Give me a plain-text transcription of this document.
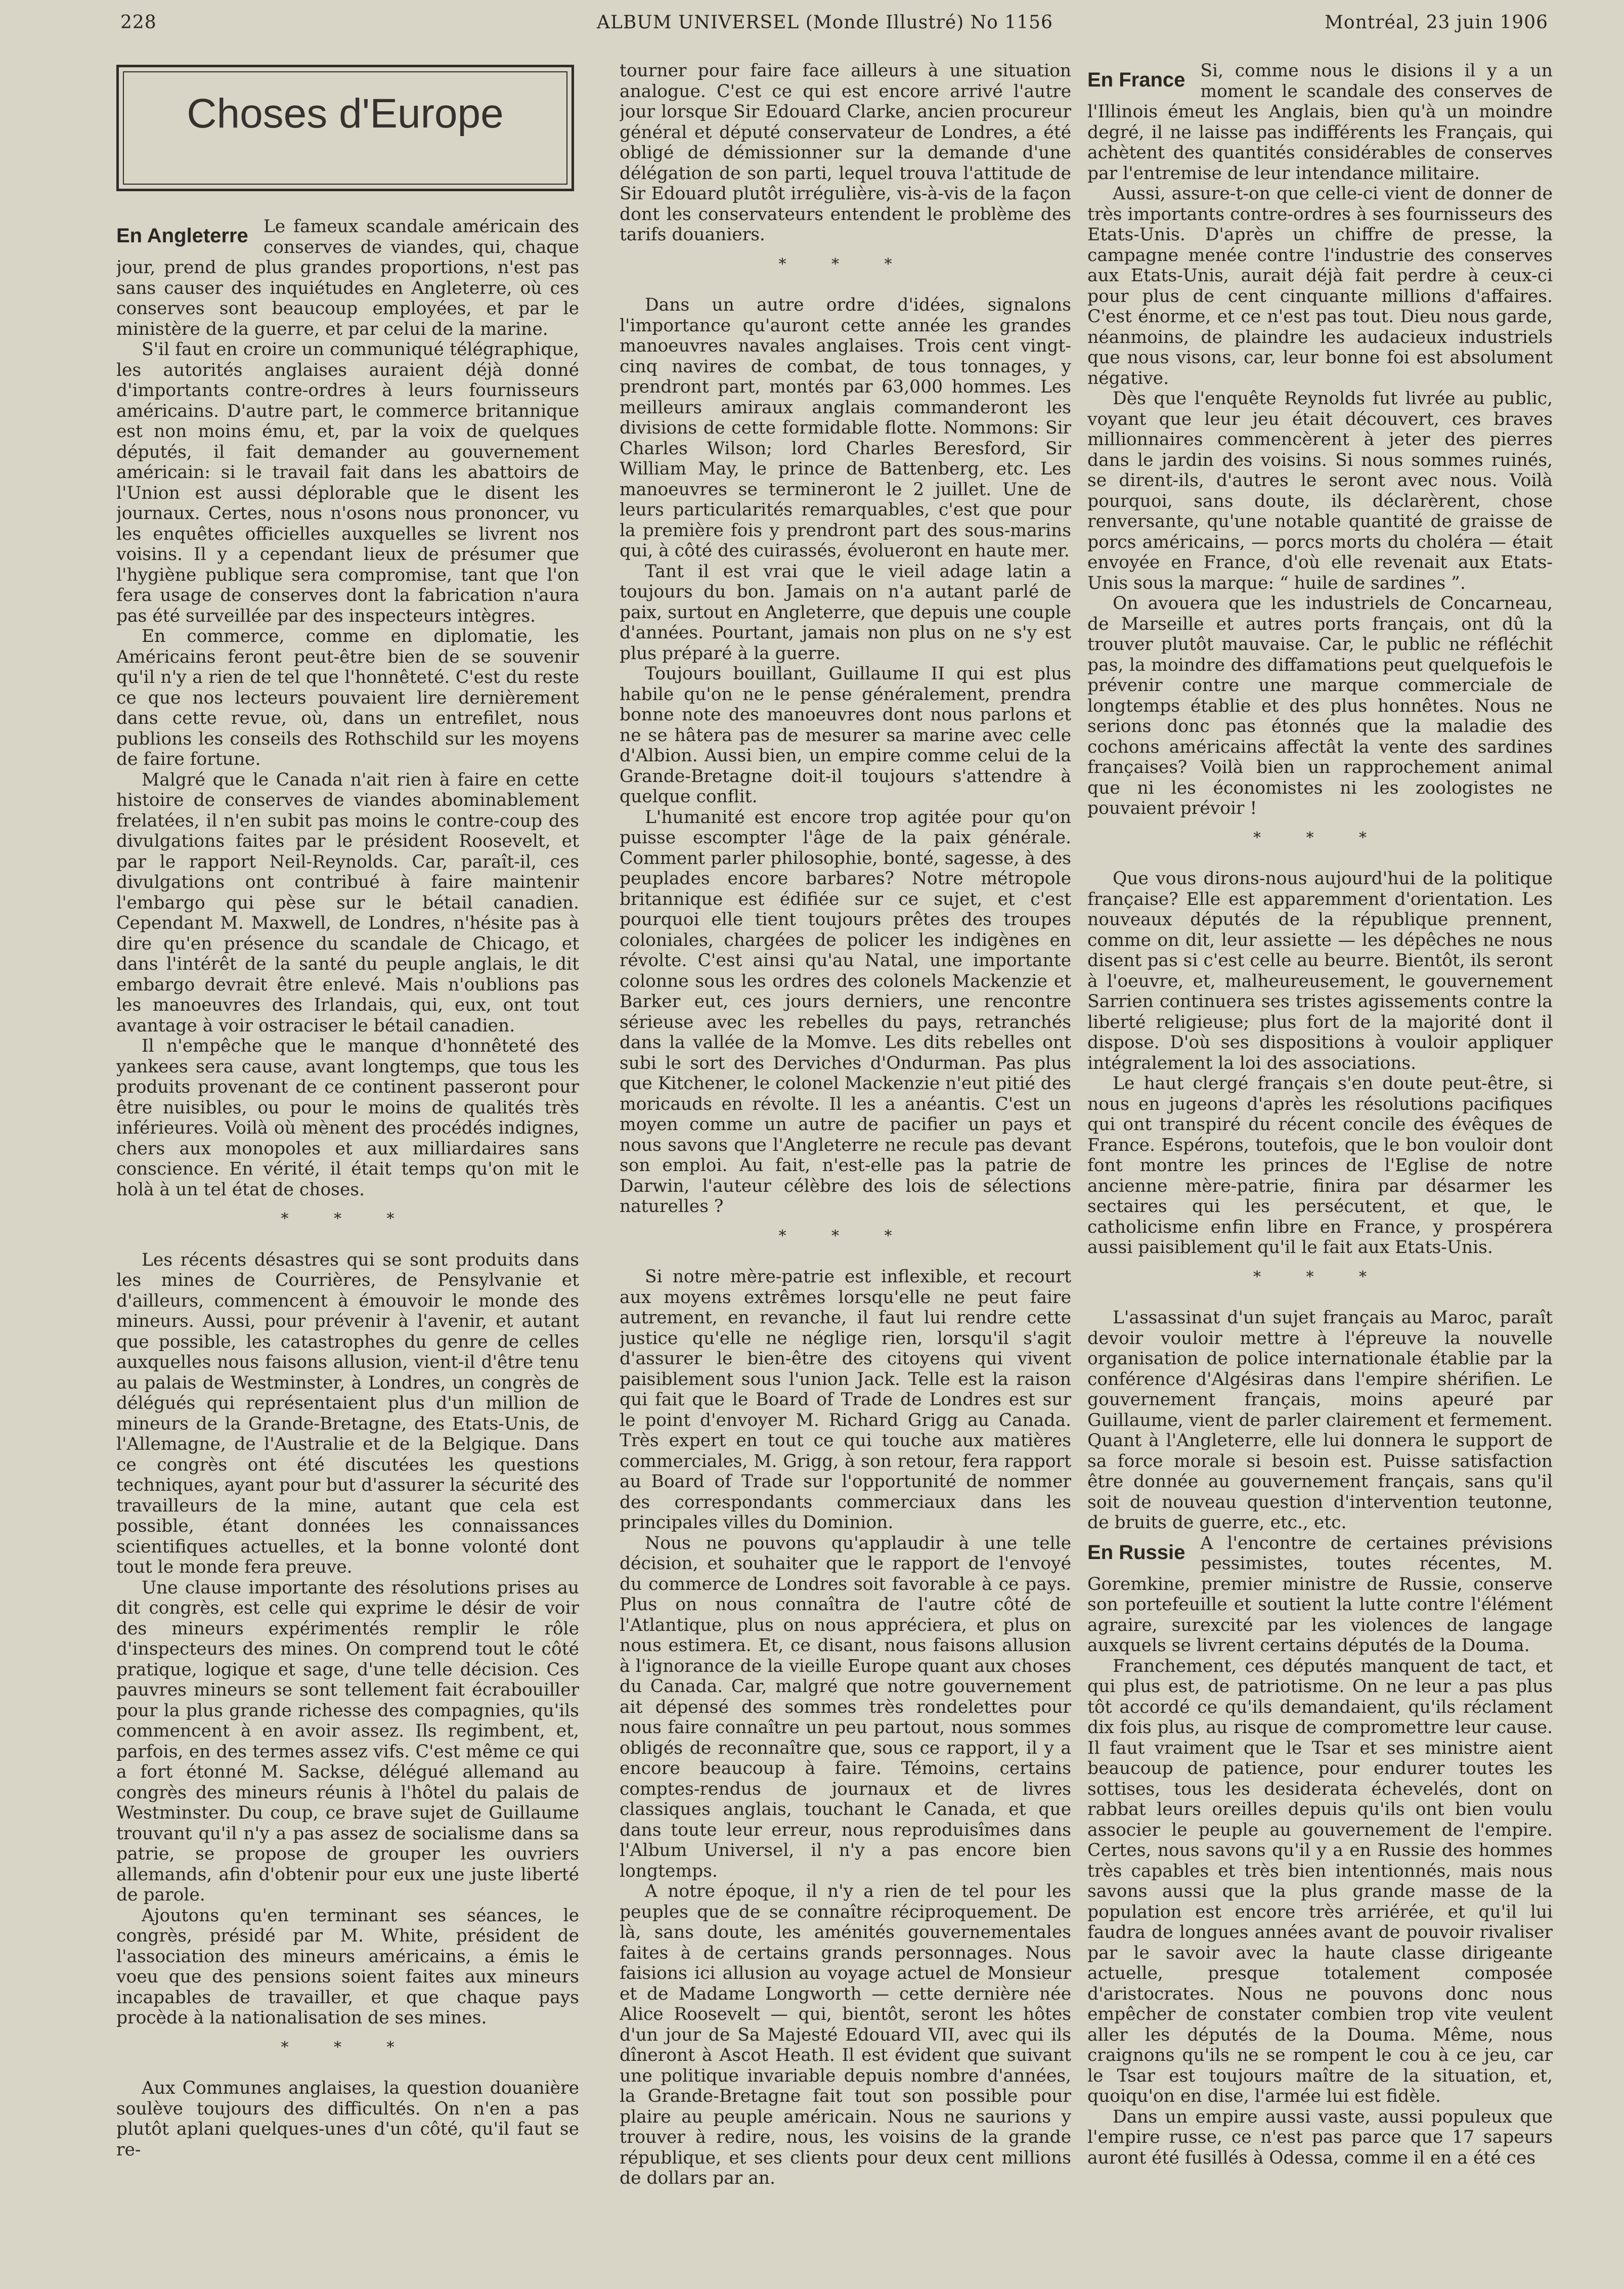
228	ALBUM UNIVERSEL (Monde Illustré) No 1156	Montréal, 23 juin 1906
Choses d'Europe
En Angleterre Le fameux scandale américain des conserves de viandes, qui, chaque jour, prend de plus grandes proportions, n'est pas sans causer des inquiétudes en Angleterre, où ces conserves sont beaucoup employées, et par le ministère de la guerre, et par celui de la marine.

S'il faut en croire un communiqué télégraphique, les autorités anglaises auraient déjà donné d'importants contre-ordres à leurs fournisseurs américains. D'autre part, le commerce britannique est non moins ému, et, par la voix de quelques députés, il fait demander au gouvernement américain: si le travail fait dans les abattoirs de l'Union est aussi déplorable que le disent les journaux. Certes, nous n'osons nous prononcer, vu les enquêtes officielles auxquelles se livrent nos voisins. Il y a cependant lieux de présumer que l'hygiène publique sera compromise, tant que l'on fera usage de conserves dont la fabrication n'aura pas été surveillée par des inspecteurs intègres.

En commerce, comme en diplomatie, les Américains feront peut-être bien de se souvenir qu'il n'y a rien de tel que l'honnêteté. C'est du reste ce que nos lecteurs pouvaient lire dernièrement dans cette revue, où, dans un entrefilet, nous publions les conseils des Rothschild sur les moyens de faire fortune.

Malgré que le Canada n'ait rien à faire en cette histoire de conserves de viandes abominablement frelatées, il n'en subit pas moins le contre-coup des divulgations faites par le président Roosevelt, et par le rapport Neil-Reynolds. Car, paraît-il, ces divulgations ont contribué à faire maintenir l'embargo qui pèse sur le bétail canadien. Cependant M. Maxwell, de Londres, n'hésite pas à dire qu'en présence du scandale de Chicago, et dans l'intérêt de la santé du peuple anglais, le dit embargo devrait être enlevé. Mais n'oublions pas les manoeuvres des Irlandais, qui, eux, ont tout avantage à voir ostraciser le bétail canadien.

Il n'empêche que le manque d'honnêteté des yankees sera cause, avant longtemps, que tous les produits provenant de ce continent passeront pour être nuisibles, ou pour le moins de qualités très inférieures. Voilà où mènent des procédés indignes, chers aux monopoles et aux milliardaires sans conscience. En vérité, il était temps qu'on mit le holà à un tel état de choses.

* * *

Les récents désastres qui se sont produits dans les mines de Courrières, de Pensylvanie et d'ailleurs, commencent à émouvoir le monde des mineurs. Aussi, pour prévenir à l'avenir, et autant que possible, les catastrophes du genre de celles auxquelles nous faisons allusion, vient-il d'être tenu au palais de Westminster, à Londres, un congrès de délégués qui représentaient plus d'un million de mineurs de la Grande-Bretagne, des Etats-Unis, de l'Allemagne, de l'Australie et de la Belgique. Dans ce congrès ont été discutées les questions techniques, ayant pour but d'assurer la sécurité des travailleurs de la mine, autant que cela est possible, étant données les connaissances scientifiques actuelles, et la bonne volonté dont tout le monde fera preuve.

Une clause importante des résolutions prises au dit congrès, est celle qui exprime le désir de voir des mineurs expérimentés remplir le rôle d'inspecteurs des mines. On comprend tout le côté pratique, logique et sage, d'une telle décision. Ces pauvres mineurs se sont tellement fait écrabouiller pour la plus grande richesse des compagnies, qu'ils commencent à en avoir assez. Ils regimbent, et, parfois, en des termes assez vifs. C'est même ce qui a fort étonné M. Sackse, délégué allemand au congrès des mineurs réunis à l'hôtel du palais de Westminster. Du coup, ce brave sujet de Guillaume trouvant qu'il n'y a pas assez de socialisme dans sa patrie, se propose de grouper les ouvriers allemands, afin d'obtenir pour eux une juste liberté de parole.

Ajoutons qu'en terminant ses séances, le congrès, présidé par M. White, président de l'association des mineurs américains, a émis le voeu que des pensions soient faites aux mineurs incapables de travailler, et que chaque pays procède à la nationalisation de ses mines.

* * *

Aux Communes anglaises, la question douanière soulève toujours des difficultés. On n'en a pas plutôt aplani quelques-unes d'un côté, qu'il faut se re-

tourner pour faire face ailleurs à une situation analogue. C'est ce qui est encore arrivé l'autre jour lorsque Sir Edouard Clarke, ancien procureur général et député conservateur de Londres, a été obligé de démissionner sur la demande d'une délégation de son parti, lequel trouva l'attitude de Sir Edouard plutôt irrégulière, vis-à-vis de la façon dont les conservateurs entendent le problème des tarifs douaniers.

* * *

Dans un autre ordre d'idées, signalons l'importance qu'auront cette année les grandes manoeuvres navales anglaises. Trois cent vingt-cinq navires de combat, de tous tonnages, y prendront part, montés par 63,000 hommes. Les meilleurs amiraux anglais commanderont les divisions de cette formidable flotte. Nommons: Sir Charles Wilson; lord Charles Beresford, Sir William May, le prince de Battenberg, etc. Les manoeuvres se termineront le 2 juillet. Une de leurs particularités remarquables, c'est que pour la première fois y prendront part des sous-marins qui, à côté des cuirassés, évolueront en haute mer.

Tant il est vrai que le vieil adage latin a toujours du bon. Jamais on n'a autant parlé de paix, surtout en Angleterre, que depuis une couple d'années. Pourtant, jamais non plus on ne s'y est plus préparé à la guerre.

Toujours bouillant, Guillaume II qui est plus habile qu'on ne le pense généralement, prendra bonne note des manoeuvres dont nous parlons et ne se hâtera pas de mesurer sa marine avec celle d'Albion. Aussi bien, un empire comme celui de la Grande-Bretagne doit-il toujours s'attendre à quelque conflit.

L'humanité est encore trop agitée pour qu'on puisse escompter l'âge de la paix générale. Comment parler philosophie, bonté, sagesse, à des peuplades encore barbares? Notre métropole britannique est édifiée sur ce sujet, et c'est pourquoi elle tient toujours prêtes des troupes coloniales, chargées de policer les indigènes en révolte. C'est ainsi qu'au Natal, une importante colonne sous les ordres des colonels Mackenzie et Barker eut, ces jours derniers, une rencontre sérieuse avec les rebelles du pays, retranchés dans la vallée de la Momve. Les dits rebelles ont subi le sort des Derviches d'Ondurman. Pas plus que Kitchener, le colonel Mackenzie n'eut pitié des moricauds en révolte. Il les a anéantis. C'est un moyen comme un autre de pacifier un pays et nous savons que l'Angleterre ne recule pas devant son emploi. Au fait, n'est-elle pas la patrie de Darwin, l'auteur célèbre des lois de sélections naturelles ?

* * *

Si notre mère-patrie est inflexible, et recourt aux moyens extrêmes lorsqu'elle ne peut faire autrement, en revanche, il faut lui rendre cette justice qu'elle ne néglige rien, lorsqu'il s'agit d'assurer le bien-être des citoyens qui vivent paisiblement sous l'union Jack. Telle est la raison qui fait que le Board of Trade de Londres est sur le point d'envoyer M. Richard Grigg au Canada. Très expert en tout ce qui touche aux matières commerciales, M. Grigg, à son retour, fera rapport au Board of Trade sur l'opportunité de nommer des correspondants commerciaux dans les principales villes du Dominion.

Nous ne pouvons qu'applaudir à une telle décision, et souhaiter que le rapport de l'envoyé du commerce de Londres soit favorable à ce pays. Plus on nous connaîtra de l'autre côté de l'Atlantique, plus on nous appréciera, et plus on nous estimera. Et, ce disant, nous faisons allusion à l'ignorance de la vieille Europe quant aux choses du Canada. Car, malgré que notre gouvernement ait dépensé des sommes très rondelettes pour nous faire connaître un peu partout, nous sommes obligés de reconnaître que, sous ce rapport, il y a encore beaucoup à faire. Témoins, certains comptes-rendus de journaux et de livres classiques anglais, touchant le Canada, et que dans toute leur erreur, nous reproduisîmes dans l'Album Universel, il n'y a pas encore bien longtemps.

A notre époque, il n'y a rien de tel pour les peuples que de se connaître réciproquement. De là, sans doute, les aménités gouvernementales faites à de certains grands personnages. Nous faisions ici allusion au voyage actuel de Monsieur et de Madame Longworth — cette dernière née Alice Roosevelt — qui, bientôt, seront les hôtes d'un jour de Sa Majesté Edouard VII, avec qui ils dîneront à Ascot Heath. Il est évident que suivant une politique invariable depuis nombre d'années, la Grande-Bretagne fait tout son possible pour plaire au peuple américain. Nous ne saurions y trouver à redire, nous, les voisins de la grande république, et ses clients pour deux cent millions de dollars par an.

En France Si, comme nous le disions il y a un moment le scandale des conserves de l'Illinois émeut les Anglais, bien qu'à un moindre degré, il ne laisse pas indifférents les Français, qui achètent des quantités considérables de conserves par l'entremise de leur intendance militaire.

Aussi, assure-t-on que celle-ci vient de donner de très importants contre-ordres à ses fournisseurs des Etats-Unis. D'après un chiffre de presse, la campagne menée contre l'industrie des conserves aux Etats-Unis, aurait déjà fait perdre à ceux-ci pour plus de cent cinquante millions d'affaires. C'est énorme, et ce n'est pas tout. Dieu nous garde, néanmoins, de plaindre les audacieux industriels que nous visons, car, leur bonne foi est absolument négative.

Dès que l'enquête Reynolds fut livrée au public, voyant que leur jeu était découvert, ces braves millionnaires commencèrent à jeter des pierres dans le jardin des voisins. Si nous sommes ruinés, se dirent-ils, d'autres le seront avec nous. Voilà pourquoi, sans doute, ils déclarèrent, chose renversante, qu'une notable quantité de graisse de porcs américains, — porcs morts du choléra — était envoyée en France, d'où elle revenait aux Etats-Unis sous la marque: “ huile de sardines ”.

On avouera que les industriels de Concarneau, de Marseille et autres ports français, ont dû la trouver plutôt mauvaise. Car, le public ne réfléchit pas, la moindre des diffamations peut quelquefois le prévenir contre une marque commerciale de longtemps établie et des plus honnêtes. Nous ne serions donc pas étonnés que la maladie des cochons américains affectât la vente des sardines françaises? Voilà bien un rapprochement animal que ni les économistes ni les zoologistes ne pouvaient prévoir !

* * *

Que vous dirons-nous aujourd'hui de la politique française? Elle est apparemment d'orientation. Les nouveaux députés de la république prennent, comme on dit, leur assiette — les dépêches ne nous disent pas si c'est celle au beurre. Bientôt, ils seront à l'oeuvre, et, malheureusement, le gouvernement Sarrien continuera ses tristes agissements contre la liberté religieuse; plus fort de la majorité dont il dispose. D'où ses dispositions à vouloir appliquer intégralement la loi des associations.

Le haut clergé français s'en doute peut-être, si nous en jugeons d'après les résolutions pacifiques qui ont transpiré du récent concile des évêques de France. Espérons, toutefois, que le bon vouloir dont font montre les princes de l'Eglise de notre ancienne mère-patrie, finira par désarmer les sectaires qui les persécutent, et que, le catholicisme enfin libre en France, y prospérera aussi paisiblement qu'il le fait aux Etats-Unis.

* * *

L'assassinat d'un sujet français au Maroc, paraît devoir vouloir mettre à l'épreuve la nouvelle organisation de police internationale établie par la conférence d'Algésiras dans l'empire shérifien. Le gouvernement français, moins apeuré par Guillaume, vient de parler clairement et fermement. Quant à l'Angleterre, elle lui donnera le support de sa force morale si besoin est. Puisse satisfaction être donnée au gouvernement français, sans qu'il soit de nouveau question d'intervention teutonne, de bruits de guerre, etc., etc.

En Russie A l'encontre de certaines prévisions pessimistes, toutes récentes, M. Goremkine, premier ministre de Russie, conserve son portefeuille et soutient la lutte contre l'élément agraire, surexcité par les violences de langage auxquels se livrent certains députés de la Douma.

Franchement, ces députés manquent de tact, et qui plus est, de patriotisme. On ne leur a pas plus tôt accordé ce qu'ils demandaient, qu'ils réclament dix fois plus, au risque de compromettre leur cause. Il faut vraiment que le Tsar et ses ministre aient beaucoup de patience, pour endurer toutes les sottises, tous les desiderata échevelés, dont on rabbat leurs oreilles depuis qu'ils ont bien voulu associer le peuple au gouvernement de l'empire. Certes, nous savons qu'il y a en Russie des hommes très capables et très bien intentionnés, mais nous savons aussi que la plus grande masse de la population est encore très arriérée, et qu'il lui faudra de longues années avant de pouvoir rivaliser par le savoir avec la haute classe dirigeante actuelle, presque totalement composée d'aristocrates. Nous ne pouvons donc nous empêcher de constater combien trop vite veulent aller les députés de la Douma. Même, nous craignons qu'ils ne se rompent le cou à ce jeu, car le Tsar est toujours maître de la situation, et, quoiqu'on en dise, l'armée lui est fidèle.

Dans un empire aussi vaste, aussi populeux que l'empire russe, ce n'est pas parce que 17 sapeurs auront été fusillés à Odessa, comme il en a été ces
